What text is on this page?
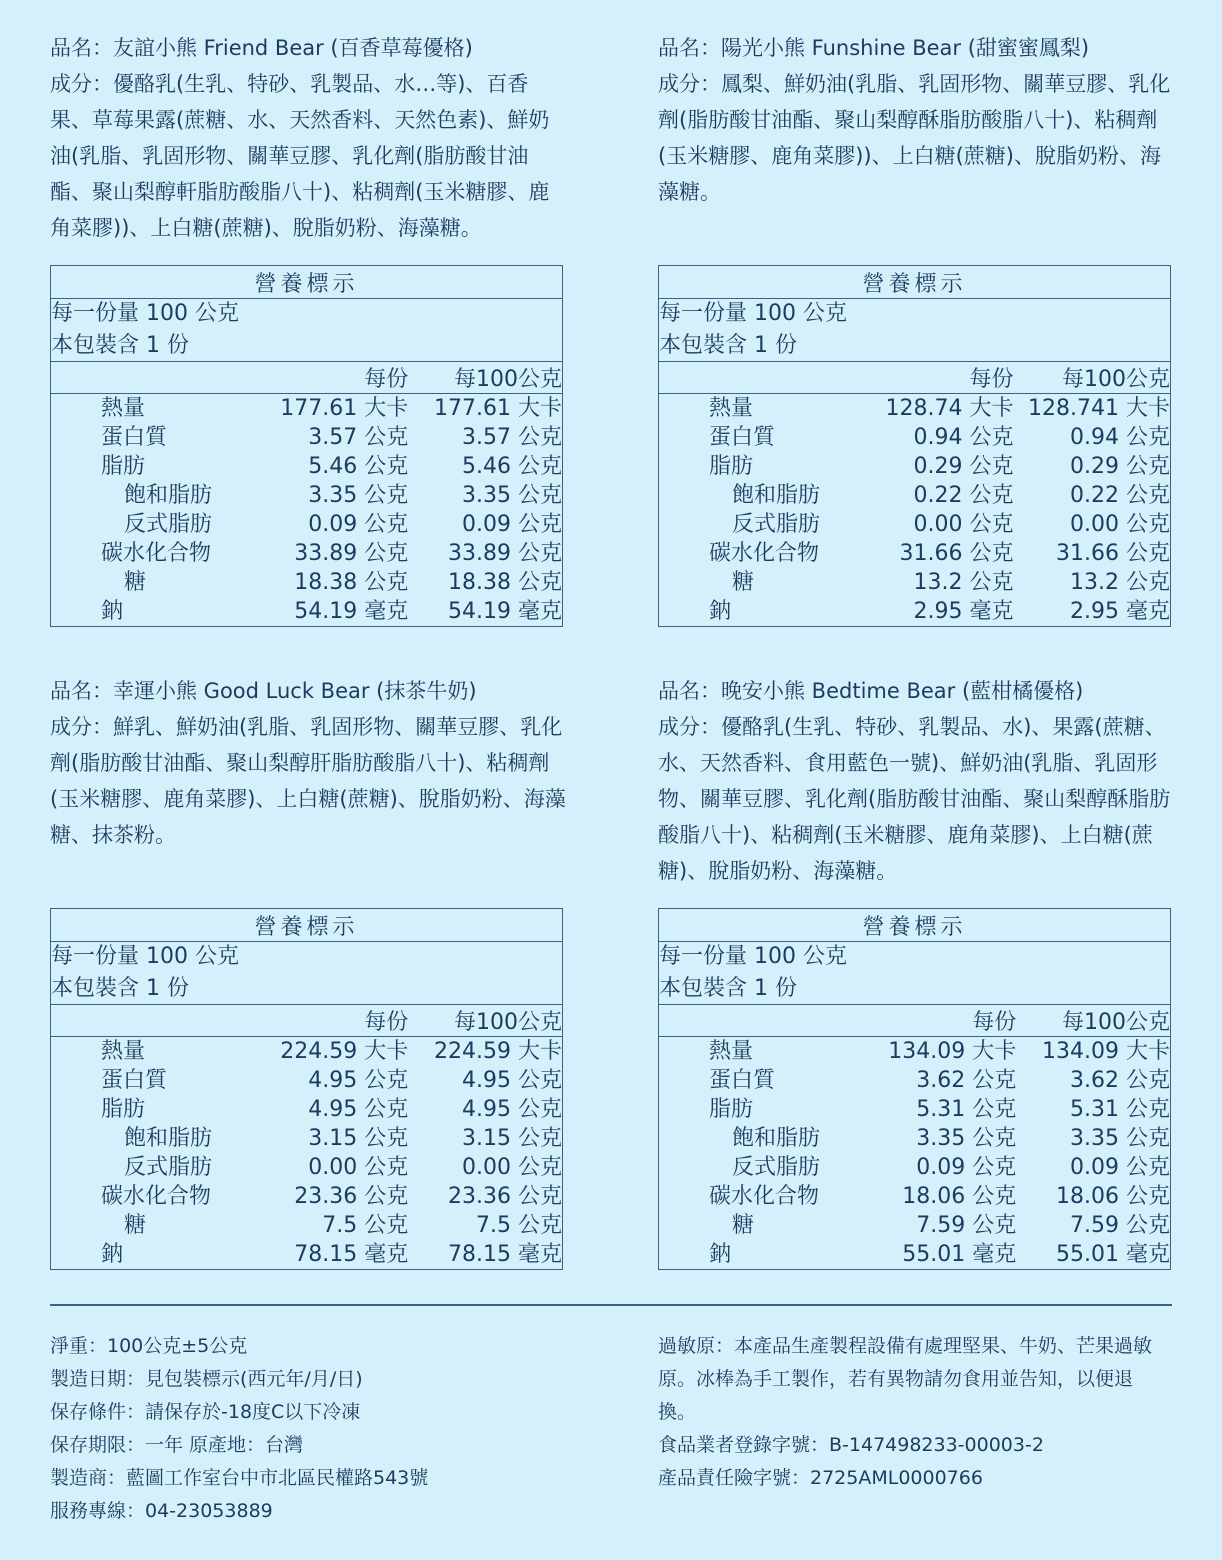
品名：友誼小熊 Friend Bear (百香草莓優格)

成分：優酪乳(生乳、特砂、乳製品、水…等)、百香果、草莓果露(蔗糖、水、天然香料、天然色素)、鮮奶油(乳脂、乳固形物、關華豆膠、乳化劑(脂肪酸甘油酯、聚山梨醇軒脂肪酸脂八十)、粘稠劑(玉米糖膠、鹿角菜膠))、上白糖(蔗糖)、脫脂奶粉、海藻糖。

品名：陽光小熊 Funshine Bear (甜蜜蜜鳳梨)

成分：鳳梨、鮮奶油(乳脂、乳固形物、關華豆膠、乳化劑(脂肪酸甘油酯、聚山梨醇酥脂肪酸脂八十)、粘稠劑(玉米糖膠、鹿角菜膠))、上白糖(蔗糖)、脫脂奶粉、海藻糖。

品名：幸運小熊 Good Luck Bear (抹茶牛奶)

成分：鮮乳、鮮奶油(乳脂、乳固形物、關華豆膠、乳化劑(脂肪酸甘油酯、聚山梨醇肝脂肪酸脂八十)、粘稠劑(玉米糖膠、鹿角菜膠)、上白糖(蔗糖)、脫脂奶粉、海藻糖、抹茶粉。

品名：晚安小熊 Bedtime Bear (藍柑橘優格)

成分：優酪乳(生乳、特砂、乳製品、水)、果露(蔗糖、水、天然香料、食用藍色一號)、鮮奶油(乳脂、乳固形物、關華豆膠、乳化劑(脂肪酸甘油酯、聚山梨醇酥脂肪酸脂八十)、粘稠劑(玉米糖膠、鹿角菜膠)、上白糖(蔗糖)、脫脂奶粉、海藻糖。

營養標示		
每一份量 100 公克		
本包裝含 1 份		
	每份	每100公克
熱量	177.61 大卡	177.61 大卡
蛋白質	3.57 公克	3.57 公克
脂肪	5.46 公克	5.46 公克
飽和脂肪	3.35 公克	3.35 公克
反式脂肪	0.09 公克	0.09 公克
碳水化合物	33.89 公克	33.89 公克
糖	18.38 公克	18.38 公克
鈉	54.19 毫克	54.19 毫克
營養標示		
每一份量 100 公克		
本包裝含 1 份		
	每份	每100公克
熱量	128.74 大卡	128.741 大卡
蛋白質	0.94 公克	0.94 公克
脂肪	0.29 公克	0.29 公克
飽和脂肪	0.22 公克	0.22 公克
反式脂肪	0.00 公克	0.00 公克
碳水化合物	31.66 公克	31.66 公克
糖	13.2 公克	13.2 公克
鈉	2.95 毫克	2.95 毫克
營養標示		
每一份量 100 公克		
本包裝含 1 份		
	每份	每100公克
熱量	224.59 大卡	224.59 大卡
蛋白質	4.95 公克	4.95 公克
脂肪	4.95 公克	4.95 公克
飽和脂肪	3.15 公克	3.15 公克
反式脂肪	0.00 公克	0.00 公克
碳水化合物	23.36 公克	23.36 公克
糖	7.5 公克	7.5 公克
鈉	78.15 毫克	78.15 毫克
營養標示		
每一份量 100 公克		
本包裝含 1 份		
	每份	每100公克
熱量	134.09 大卡	134.09 大卡
蛋白質	3.62 公克	3.62 公克
脂肪	5.31 公克	5.31 公克
飽和脂肪	3.35 公克	3.35 公克
反式脂肪	0.09 公克	0.09 公克
碳水化合物	18.06 公克	18.06 公克
糖	7.59 公克	7.59 公克
鈉	55.01 毫克	55.01 毫克

淨重：100公克±5公克

製造日期：見包裝標示(西元年/月/日)

保存條件：請保存於-18度C以下冷凍

保存期限：一年 原產地：台灣

製造商：藍圖工作室台中市北區民權路543號

服務專線：04-23053889

過敏原：本產品生產製程設備有處理堅果、牛奶、芒果過敏原。冰棒為手工製作，若有異物請勿食用並告知，以便退換。

食品業者登錄字號：B-147498233-00003-2

產品責任險字號：2725AML0000766
